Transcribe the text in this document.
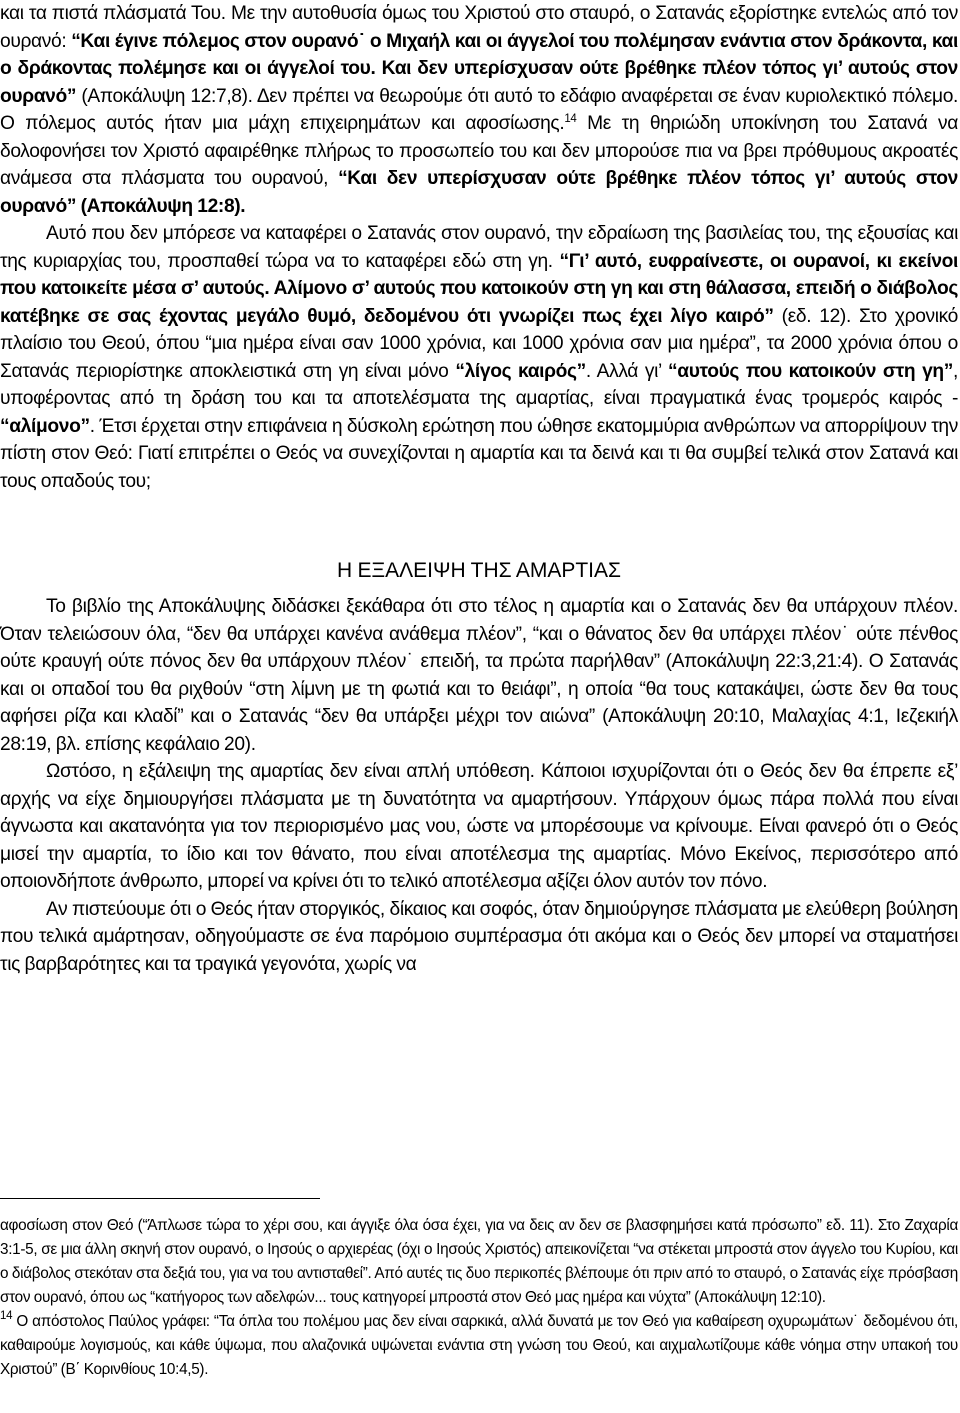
και τα πιστά πλάσματά Του. Με την αυτοθυσία όμως του Χριστού στο σταυρό, ο Σατανάς εξορίστηκε εντελώς από τον ουρανό: “Και έγινε πόλεμος στον ουρανό˙ ο Μιχαήλ και οι άγγελοί του πολέμησαν ενάντια στον δράκοντα, και ο δράκοντας πολέμησε και οι άγγελοί του. Και δεν υπερίσχυσαν ούτε βρέθηκε πλέον τόπος γι’ αυτούς στον ουρανό” (Αποκάλυψη 12:7,8). Δεν πρέπει να θεωρούμε ότι αυτό το εδάφιο αναφέρεται σε έναν κυριολεκτικό πόλεμο. Ο πόλεμος αυτός ήταν μια μάχη επιχειρημάτων και αφοσίωσης.$^{14}$ Με τη θηριώδη υποκίνηση του Σατανά να δολοφονήσει τον Χριστό αφαιρέθηκε πλήρως το προσωπείο του και δεν μπορούσε πια να βρει πρόθυμους ακροατές ανάμεσα στα πλάσματα του ουρανού, “Και δεν υπερίσχυσαν ούτε βρέθηκε πλέον τόπος γι’ αυτούς στον ουρανό” (Αποκάλυψη 12:8).

Αυτό που δεν μπόρεσε να καταφέρει ο Σατανάς στον ουρανό, την εδραίωση της βασιλείας του, της εξουσίας και της κυριαρχίας του, προσπαθεί τώρα να το καταφέρει εδώ στη γη. “Γι’ αυτό, ευφραίνεστε, οι ουρανοί, κι εκείνοι που κατοικείτε μέσα σ’ αυτούς. Αλίμονο σ’ αυτούς που κατοικούν στη γη και στη θάλασσα, επειδή ο διάβολος κατέβηκε σε σας έχοντας μεγάλο θυμό, δεδομένου ότι γνωρίζει πως έχει λίγο καιρό” (εδ. 12). Στο χρονικό πλαίσιο του Θεού, όπου “μια ημέρα είναι σαν 1000 χρόνια, και 1000 χρόνια σαν μια ημέρα”, τα 2000 χρόνια όπου ο Σατανάς περιορίστηκε αποκλειστικά στη γη είναι μόνο “λίγος καιρός”. Αλλά γι’ “αυτούς που κατοικούν στη γη”, υποφέροντας από τη δράση του και τα αποτελέσματα της αμαρτίας, είναι πραγματικά ένας τρομερός καιρός - “αλίμονο”. Έτσι έρχεται στην επιφάνεια η δύσκολη ερώτηση που ώθησε εκατομμύρια ανθρώπων να απορρίψουν την πίστη στον Θεό: Γιατί επιτρέπει ο Θεός να συνεχίζονται η αμαρτία και τα δεινά και τι θα συμβεί τελικά στον Σατανά και τους οπαδούς του;

Η ΕΞΑΛΕΙΨΗ ΤΗΣ ΑΜΑΡΤΙΑΣ

Το βιβλίο της Αποκάλυψης διδάσκει ξεκάθαρα ότι στο τέλος η αμαρτία και ο Σατανάς δεν θα υπάρχουν πλέον. Όταν τελειώσουν όλα, “δεν θα υπάρχει κανένα ανάθεμα πλέον”, “και ο θάνατος δεν θα υπάρχει πλέον˙ ούτε πένθος ούτε κραυγή ούτε πόνος δεν θα υπάρχουν πλέον˙ επειδή, τα πρώτα παρήλθαν” (Αποκάλυψη 22:3,21:4). Ο Σατανάς και οι οπαδοί του θα ριχθούν “στη λίμνη με τη φωτιά και το θειάφι”, η οποία “θα τους κατακάψει, ώστε δεν θα τους αφήσει ρίζα και κλαδί” και ο Σατανάς “δεν θα υπάρξει μέχρι τον αιώνα” (Αποκάλυψη 20:10, Μαλαχίας 4:1, Ιεζεκιήλ 28:19, βλ. επίσης κεφάλαιο 20).

Ωστόσο, η εξάλειψη της αμαρτίας δεν είναι απλή υπόθεση. Κάποιοι ισχυρίζονται ότι ο Θεός δεν θα έπρεπε εξ’ αρχής να είχε δημιουργήσει πλάσματα με τη δυνατότητα να αμαρτήσουν. Υπάρχουν όμως πάρα πολλά που είναι άγνωστα και ακατανόητα για τον περιορισμένο μας νου, ώστε να μπορέσουμε να κρίνουμε. Είναι φανερό ότι ο Θεός μισεί την αμαρτία, το ίδιο και τον θάνατο, που είναι αποτέλεσμα της αμαρτίας. Μόνο Εκείνος, περισσότερο από οποιονδήποτε άνθρωπο, μπορεί να κρίνει ότι το τελικό αποτέλεσμα αξίζει όλον αυτόν τον πόνο.

Αν πιστεύουμε ότι ο Θεός ήταν στοργικός, δίκαιος και σοφός, όταν δημιούργησε πλάσματα με ελεύθερη βούληση που τελικά αμάρτησαν, οδηγούμαστε σε ένα παρόμοιο συμπέρασμα ότι ακόμα και ο Θεός δεν μπορεί να σταματήσει τις βαρβαρότητες και τα τραγικά γεγονότα, χωρίς να

αφοσίωση στον Θεό (“Άπλωσε τώρα το χέρι σου, και άγγιξε όλα όσα έχει, για να δεις αν δεν σε βλασφημήσει κατά πρόσωπο” εδ. 11). Στο Ζαχαρία 3:1-5, σε μια άλλη σκηνή στον ουρανό, ο Ιησούς ο αρχιερέας (όχι ο Ιησούς Χριστός) απεικονίζεται “να στέκεται μπροστά στον άγγελο του Κυρίου, και ο διάβολος στεκόταν στα δεξιά του, για να του αντισταθεί”. Από αυτές τις δυο περικοπές βλέπουμε ότι πριν από το σταυρό, ο Σατανάς είχε πρόσβαση στον ουρανό, όπου ως “κατήγορος των αδελφών... τους κατηγορεί μπροστά στον Θεό μας ημέρα και νύχτα” (Αποκάλυψη 12:10).

$^{14}$ Ο απόστολος Παύλος γράφει: “Τα όπλα του πολέμου μας δεν είναι σαρκικά, αλλά δυνατά με τον Θεό για καθαίρεση οχυρωμάτων˙ δεδομένου ότι, καθαιρούμε λογισμούς, και κάθε ύψωμα, που αλαζονικά υψώνεται ενάντια στη γνώση του Θεού, και αιχμαλωτίζουμε κάθε νόημα στην υπακοή του Χριστού” (Β΄ Κορινθίους 10:4,5).
